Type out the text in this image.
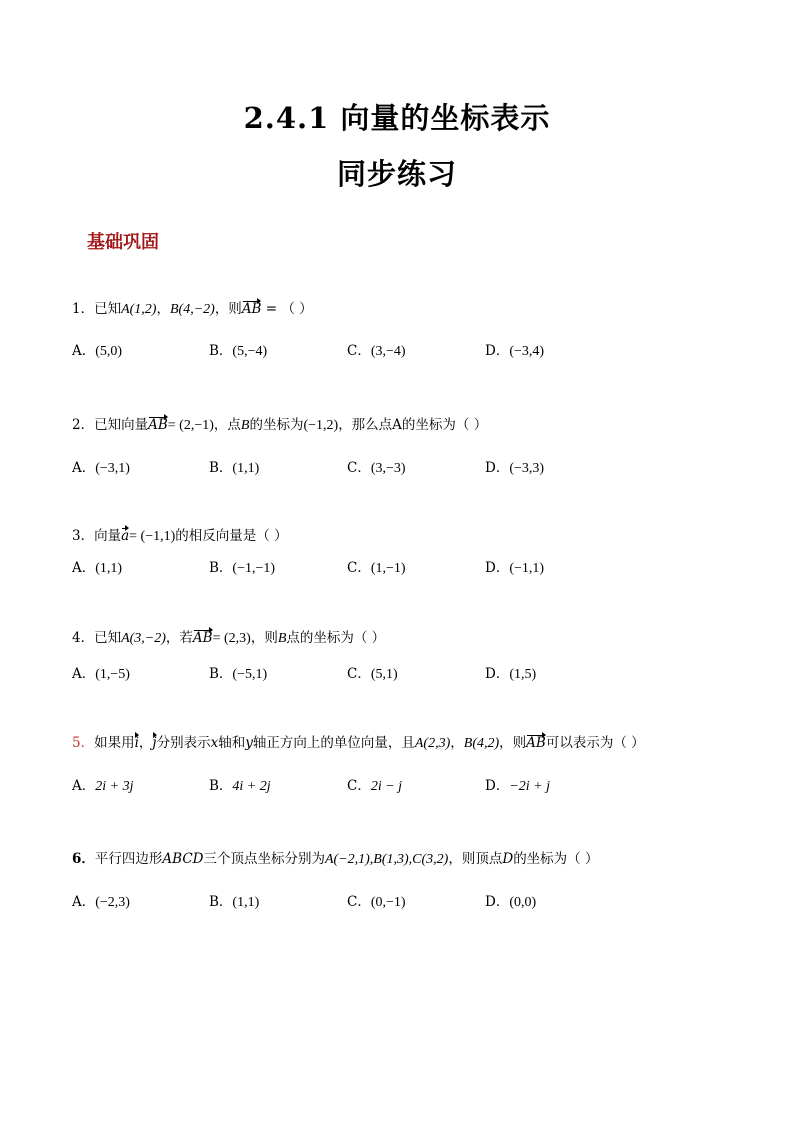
2.4.1 向量的坐标表示
同步练习
基础巩固
1．已知A(1,2)，B(4,−2)，则AB = （ ）
A．(5,0)	B．(5,−4)	C．(3,−4)	D．(−3,4)
2．已知向量AB= (2,−1)，点B的坐标为(−1,2)，那么点A的坐标为（ ）
A．(−3,1)	B．(1,1)	C．(3,−3)	D．(−3,3)
3．向量a= (−1,1)的相反向量是（ ）
A．(1,1)	B．(−1,−1)	C．(1,−1)	D．(−1,1)
4．已知A(3,−2)，若AB= (2,3)，则B点的坐标为（ ）
A．(1,−5)	B．(−5,1)	C．(5,1)	D．(1,5)
5．如果用i，j分别表示x轴和y轴正方向上的单位向量，且A(2,3)，B(4,2)，则AB可以表示为（ ）
A．2i + 3j	B．4i + 2j	C．2i − j	D．−2i + j
6．平行四边形ABCD三个顶点坐标分别为A(−2,1),B(1,3),C(3,2)，则顶点D的坐标为（ ）
A．(−2,3)	B．(1,1)	C．(0,−1)	D．(0,0)
